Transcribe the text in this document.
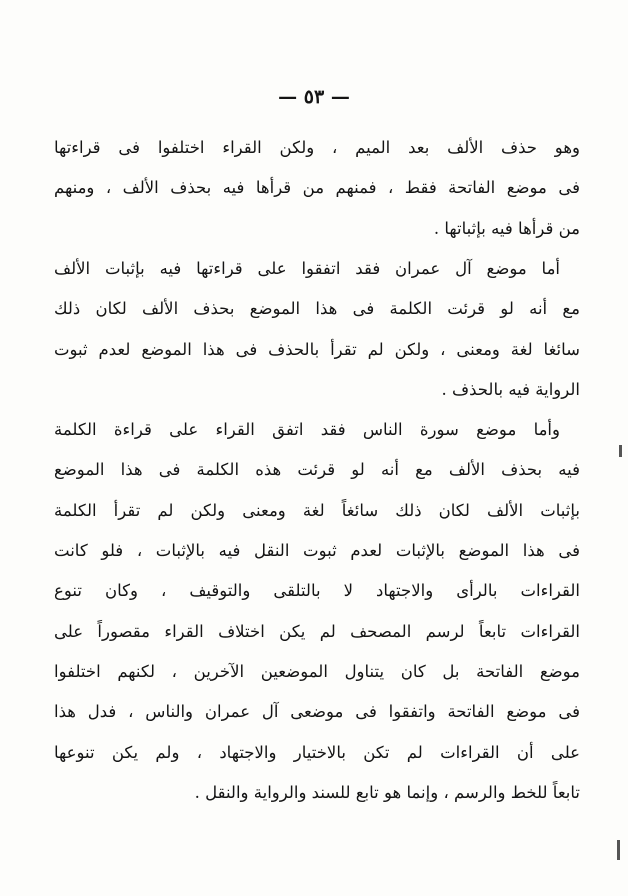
— ٥٣ —
وهو حذف الألف بعد الميم ، ولكن القراء اختلفوا فى قراءتها
فى موضع الفاتحة فقط ، فمنهم من قرأها فيه بحذف الألف ، ومنهم
من قرأها فيه بإثباتها .
أما موضع آل عمران فقد اتفقوا على قراءتها فيه بإثبات الألف
مع أنه لو قرئت الكلمة فى هذا الموضع بحذف الألف لكان ذلك
سائغا لغة ومعنى ، ولكن لم تقرأ بالحذف فى هذا الموضع لعدم ثبوت
الرواية فيه بالحذف .
وأما موضع سورة الناس فقد اتفق القراء على قراءة الكلمة
فيه بحذف الألف مع أنه لو قرئت هذه الكلمة فى هذا الموضع
بإثبات الألف لكان ذلك سائغاً لغة ومعنى ولكن لم تقرأ الكلمة
فى هذا الموضع بالإثبات لعدم ثبوت النقل فيه بالإثبات ، فلو كانت
القراءات بالرأى والاجتهاد لا بالتلقى والتوقيف ، وكان تنوع
القراءات تابعاً لرسم المصحف لم يكن اختلاف القراء مقصوراً على
موضع الفاتحة بل كان يتناول الموضعين الآخرين ، لكنهم اختلفوا
فى موضع الفاتحة واتفقوا فى موضعى آل عمران والناس ، فدل هذا
على أن القراءات لم تكن بالاختيار والاجتهاد ، ولم يكن تنوعها
تابعاً للخط والرسم ، وإنما هو تابع للسند والرواية والنقل .
